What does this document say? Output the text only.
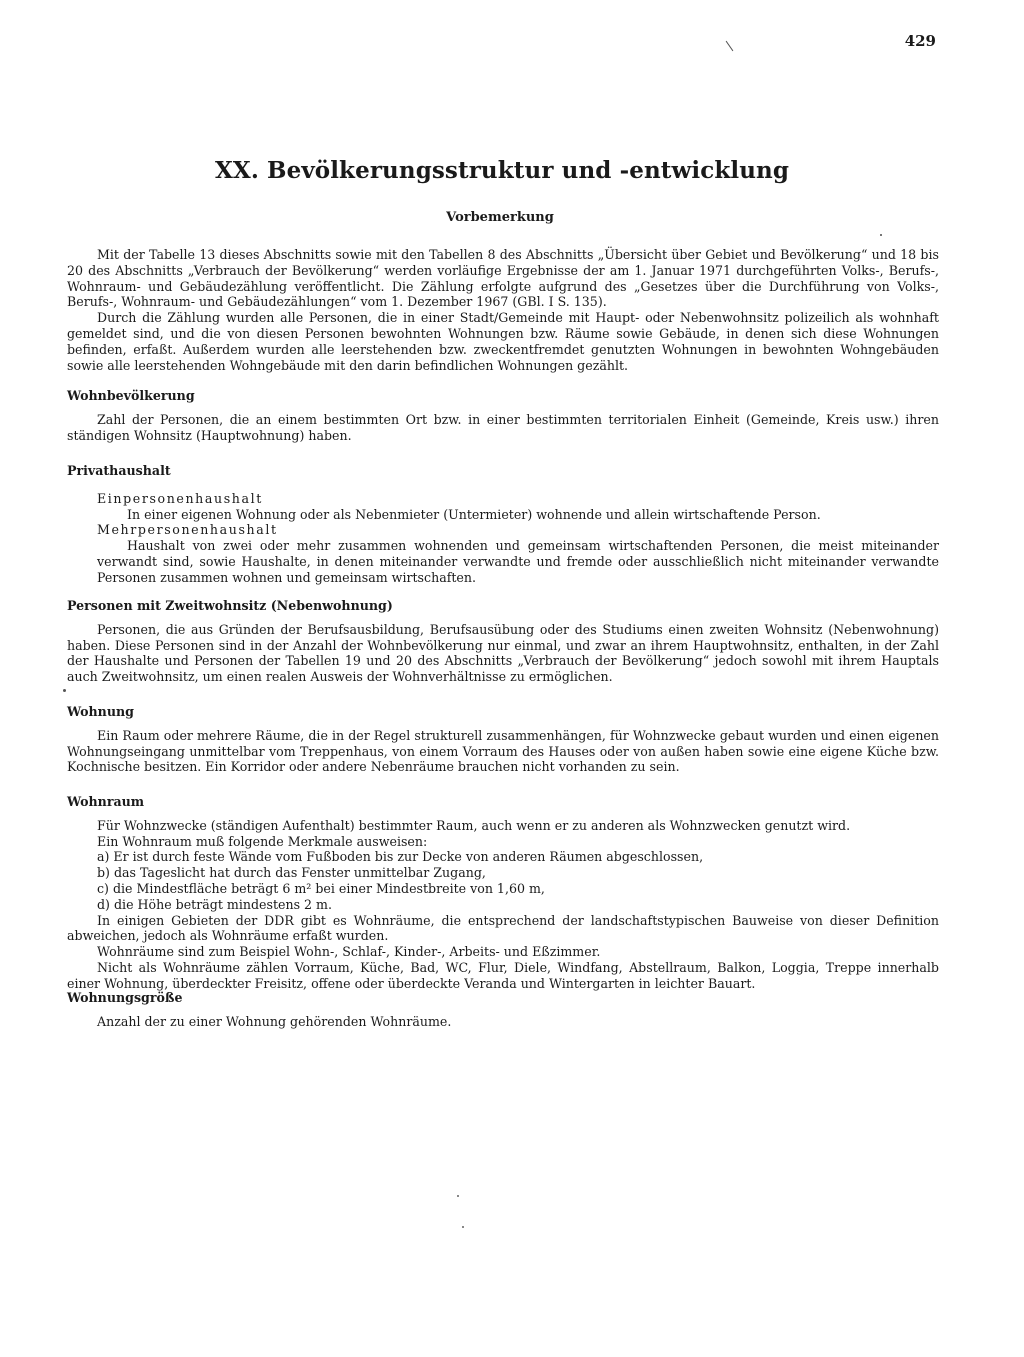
429
XX. Bevölkerungsstruktur und -entwicklung
Vorbemerkung

Mit der Tabelle 13 dieses Abschnitts sowie mit den Tabellen 8 des Abschnitts „Übersicht über Gebiet und Bevölkerung“ und 18 bis 20 des Abschnitts „Verbrauch der Bevölkerung“ werden vorläufige Ergebnisse der am 1. Januar 1971 durchgeführten Volks-, Berufs-, Wohnraum- und Gebäudezählung veröffentlicht. Die Zählung erfolgte aufgrund des „Gesetzes über die Durchführung von Volks-, Berufs-, Wohnraum- und Gebäudezählungen“ vom 1. Dezember 1967 (GBl. I S. 135).

Durch die Zählung wurden alle Personen, die in einer Stadt/Gemeinde mit Haupt- oder Nebenwohnsitz polizeilich als wohnhaft gemeldet sind, und die von diesen Personen bewohnten Wohnungen bzw. Räume sowie Gebäude, in denen sich diese Wohnungen befinden, erfaßt. Außerdem wurden alle leerstehenden bzw. zweckentfremdet genutzten Wohnungen in bewohnten Wohngebäuden sowie alle leerstehenden Wohngebäude mit den darin befindlichen Wohnungen gezählt.

Wohnbevölkerung

Zahl der Personen, die an einem bestimmten Ort bzw. in einer bestimmten territorialen Einheit (Gemeinde, Kreis usw.) ihren ständigen Wohnsitz (Hauptwohnung) haben.

Privathaushalt

Einpersonenhaushalt

In einer eigenen Wohnung oder als Nebenmieter (Untermieter) wohnende und allein wirtschaftende Person.

Mehrpersonenhaushalt

Haushalt von zwei oder mehr zusammen wohnenden und gemeinsam wirtschaftenden Personen, die meist miteinander verwandt sind, sowie Haushalte, in denen miteinander verwandte und fremde oder ausschließlich nicht miteinander verwandte Personen zusammen wohnen und gemeinsam wirtschaften.

Personen mit Zweitwohnsitz (Nebenwohnung)

Personen, die aus Gründen der Berufsausbildung, Berufsausübung oder des Studiums einen zweiten Wohnsitz (Nebenwohnung) haben. Diese Personen sind in der Anzahl der Wohnbevölkerung nur einmal, und zwar an ihrem Hauptwohnsitz, enthalten, in der Zahl der Haushalte und Personen der Tabellen 19 und 20 des Abschnitts „Verbrauch der Bevölkerung“ jedoch sowohl mit ihrem Hauptals auch Zweitwohnsitz, um einen realen Ausweis der Wohnverhältnisse zu ermöglichen.

Wohnung

Ein Raum oder mehrere Räume, die in der Regel strukturell zusammenhängen, für Wohnzwecke gebaut wurden und einen eigenen Wohnungseingang unmittelbar vom Treppenhaus, von einem Vorraum des Hauses oder von außen haben sowie eine eigene Küche bzw. Kochnische besitzen. Ein Korridor oder andere Nebenräume brauchen nicht vorhanden zu sein.

Wohnraum

Für Wohnzwecke (ständigen Aufenthalt) bestimmter Raum, auch wenn er zu anderen als Wohnzwecken genutzt wird.

Ein Wohnraum muß folgende Merkmale ausweisen:

a) Er ist durch feste Wände vom Fußboden bis zur Decke von anderen Räumen abgeschlossen,

b) das Tageslicht hat durch das Fenster unmittelbar Zugang,

c) die Mindestfläche beträgt 6 m² bei einer Mindestbreite von 1,60 m,

d) die Höhe beträgt mindestens 2 m.

In einigen Gebieten der DDR gibt es Wohnräume, die entsprechend der landschaftstypischen Bauweise von dieser Definition abweichen, jedoch als Wohnräume erfaßt wurden.

Wohnräume sind zum Beispiel Wohn-, Schlaf-, Kinder-, Arbeits- und Eßzimmer.

Nicht als Wohnräume zählen Vorraum, Küche, Bad, WC, Flur, Diele, Windfang, Abstellraum, Balkon, Loggia, Treppe innerhalb einer Wohnung, überdeckter Freisitz, offene oder überdeckte Veranda und Wintergarten in leichter Bauart.

Wohnungsgröße

Anzahl der zu einer Wohnung gehörenden Wohnräume.
